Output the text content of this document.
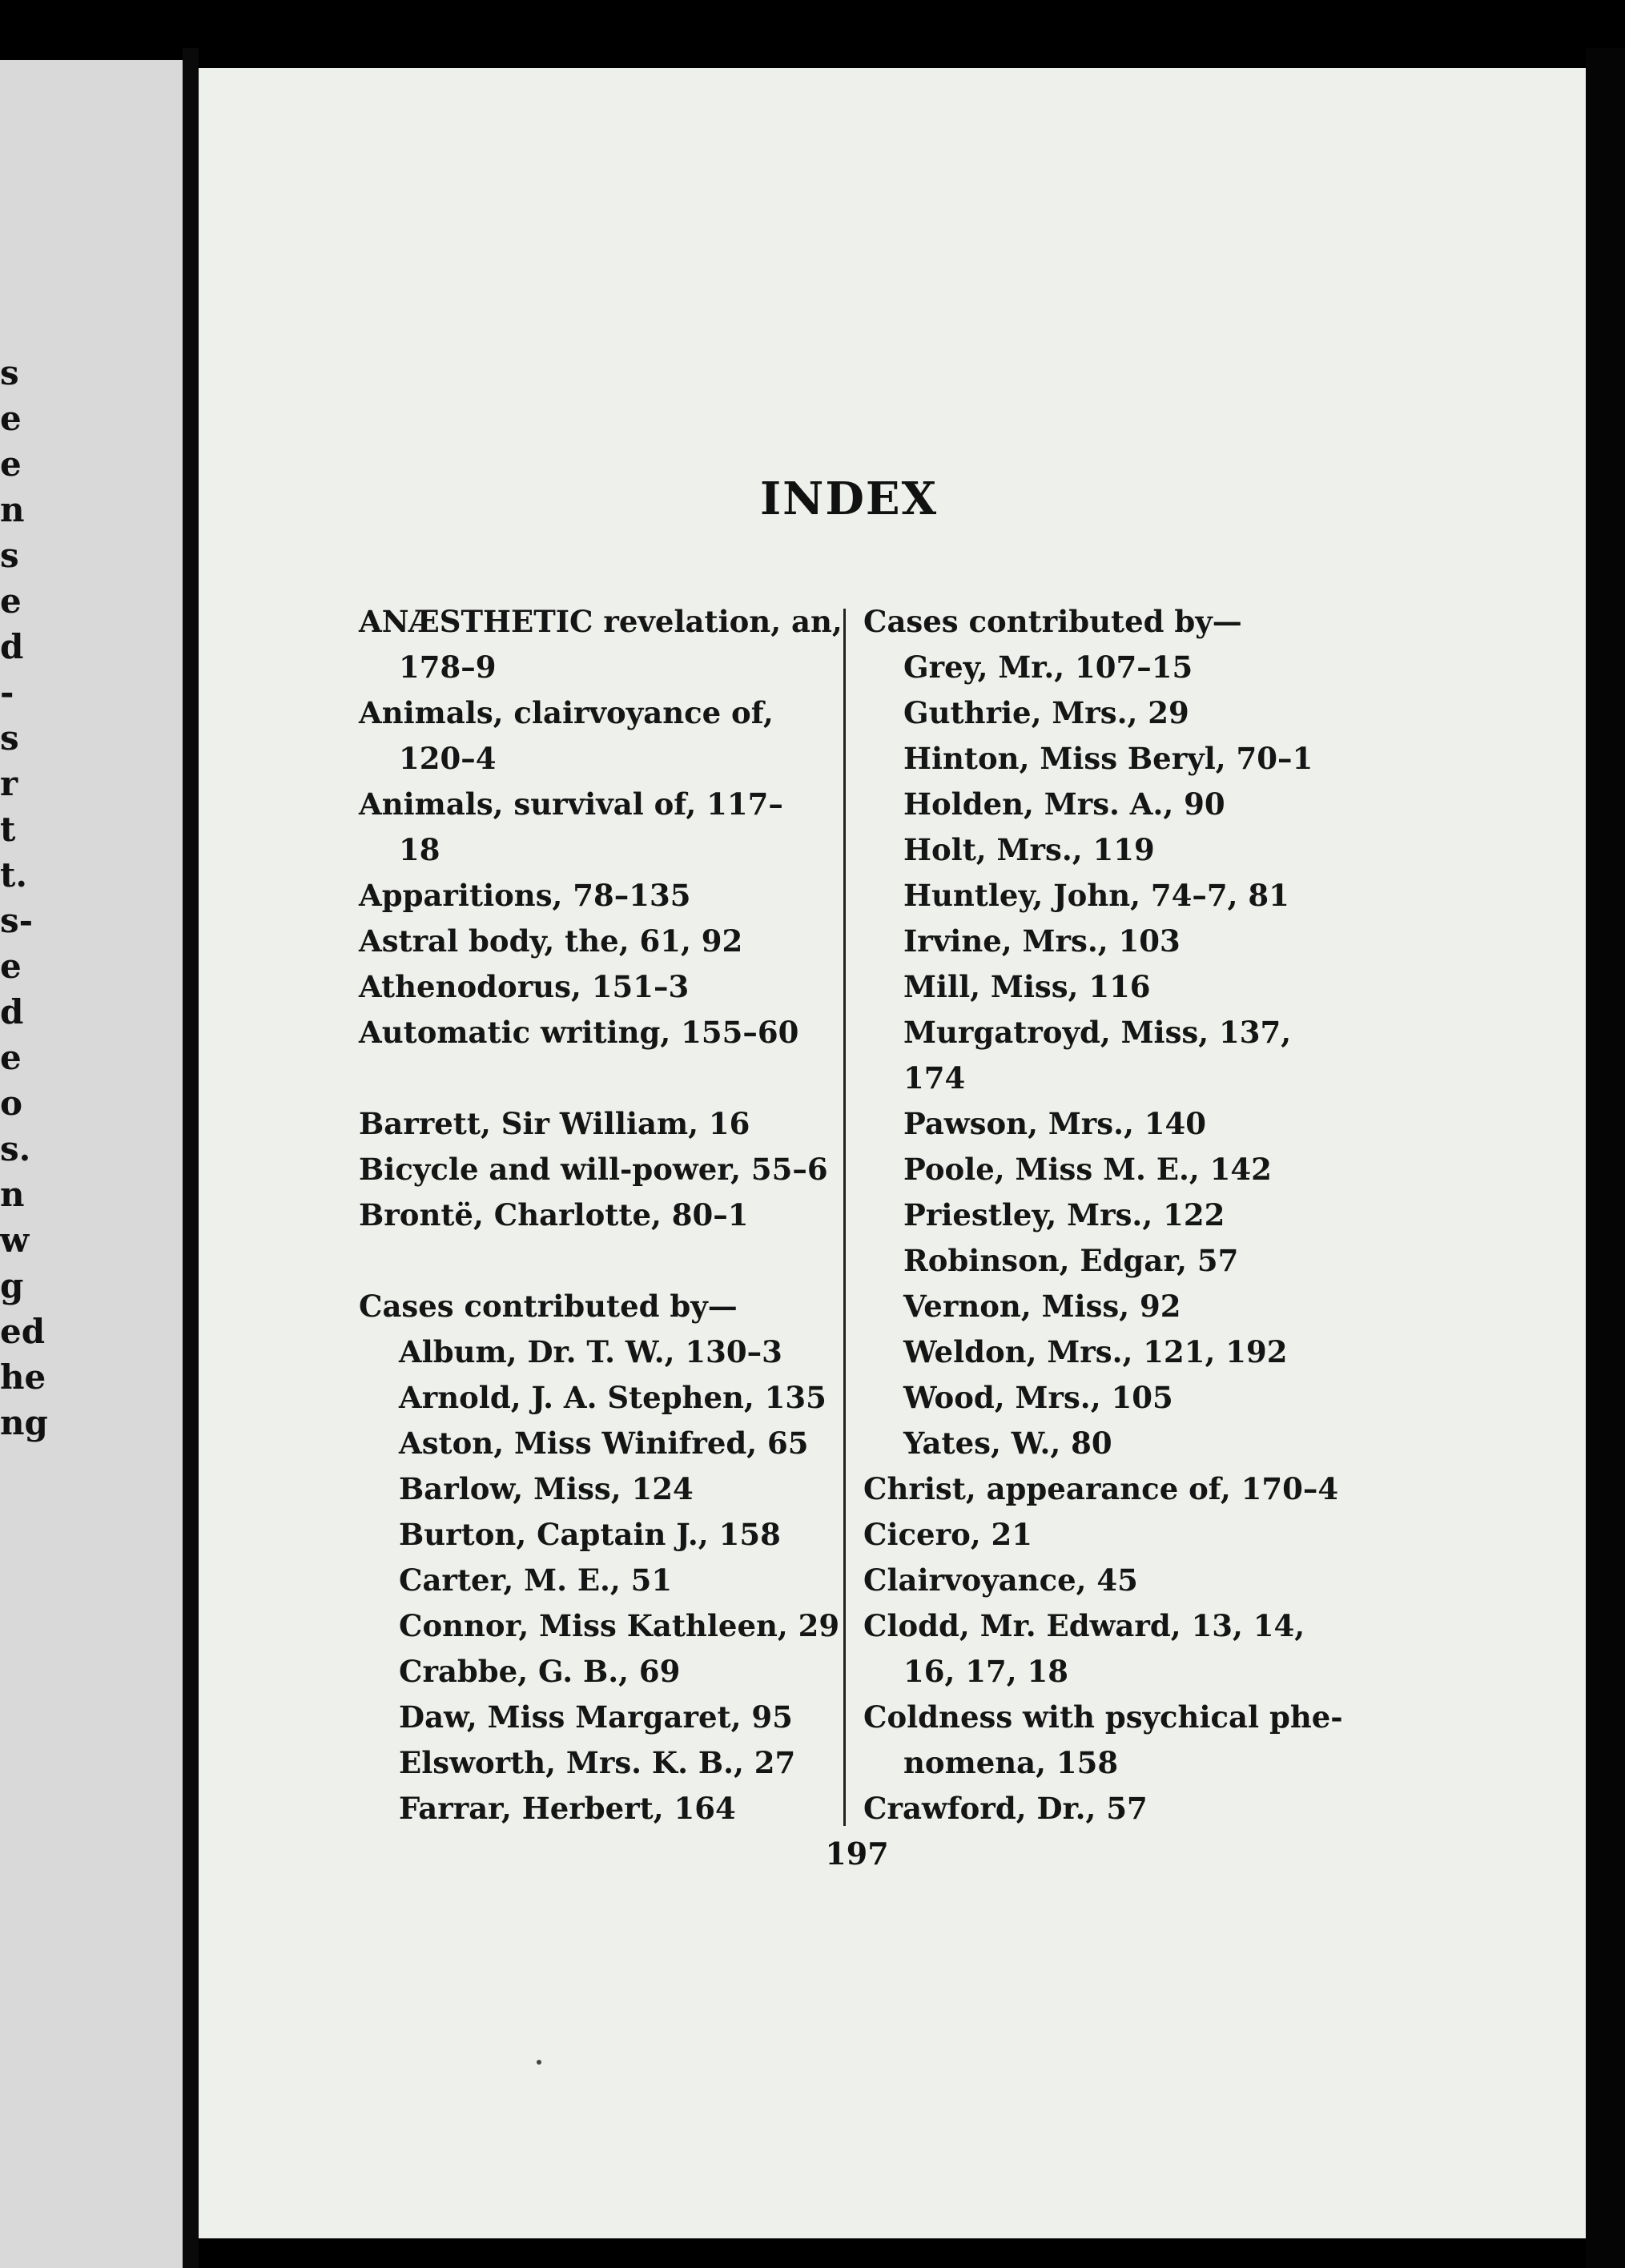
s
e
e
n
s
e
d
-
s
r
t
t.
s-
e
d
e
o
s.
n
w
g
ed
he
ng
INDEX
ANÆSTHETIC revelation, an,
178–9
Animals, clairvoyance of,
120–4
Animals, survival of, 117–
18
Apparitions, 78–135
Astral body, the, 61, 92
Athenodorus, 151–3
Automatic writing, 155–60
Barrett, Sir William, 16
Bicycle and will-power, 55–6
Brontë, Charlotte, 80–1
Cases contributed by—
Album, Dr. T. W., 130–3
Arnold, J. A. Stephen, 135
Aston, Miss Winifred, 65
Barlow, Miss, 124
Burton, Captain J., 158
Carter, M. E., 51
Connor, Miss Kathleen, 29
Crabbe, G. B., 69
Daw, Miss Margaret, 95
Elsworth, Mrs. K. B., 27
Farrar, Herbert, 164
Cases contributed by—
Grey, Mr., 107–15
Guthrie, Mrs., 29
Hinton, Miss Beryl, 70–1
Holden, Mrs. A., 90
Holt, Mrs., 119
Huntley, John, 74–7, 81
Irvine, Mrs., 103
Mill, Miss, 116
Murgatroyd, Miss, 137,
174
Pawson, Mrs., 140
Poole, Miss M. E., 142
Priestley, Mrs., 122
Robinson, Edgar, 57
Vernon, Miss, 92
Weldon, Mrs., 121, 192
Wood, Mrs., 105
Yates, W., 80
Christ, appearance of, 170–4
Cicero, 21
Clairvoyance, 45
Clodd, Mr. Edward, 13, 14,
16, 17, 18
Coldness with psychical phe-
nomena, 158
Crawford, Dr., 57
197
